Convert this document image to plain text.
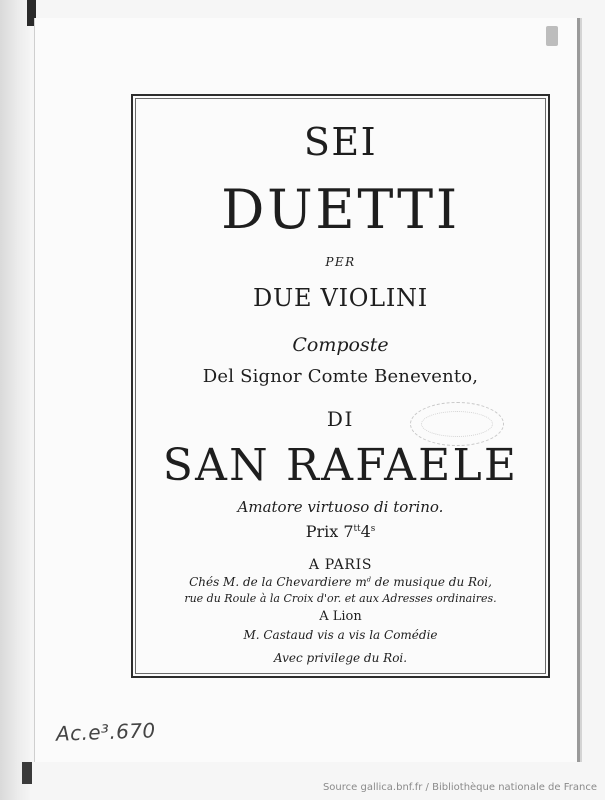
SEI
DUETTI
PER
DUE VIOLINI
Composte
Del Signor Comte Benevento,
DI
SAN RAFAELE
Amatore virtuoso di torino.
Prix $7^{tt}4^s$
A PARIS
Chés M. de la Chevardiere $m^d$ de musique du Roi,
rue du Roule à la Croix d'or. et aux Adresses ordinaires.
A Lion
M. Castaud vis a vis la Comédie
Avec privilege du Roi.
Ac.e³.670
Source gallica.bnf.fr / Bibliothèque nationale de France
